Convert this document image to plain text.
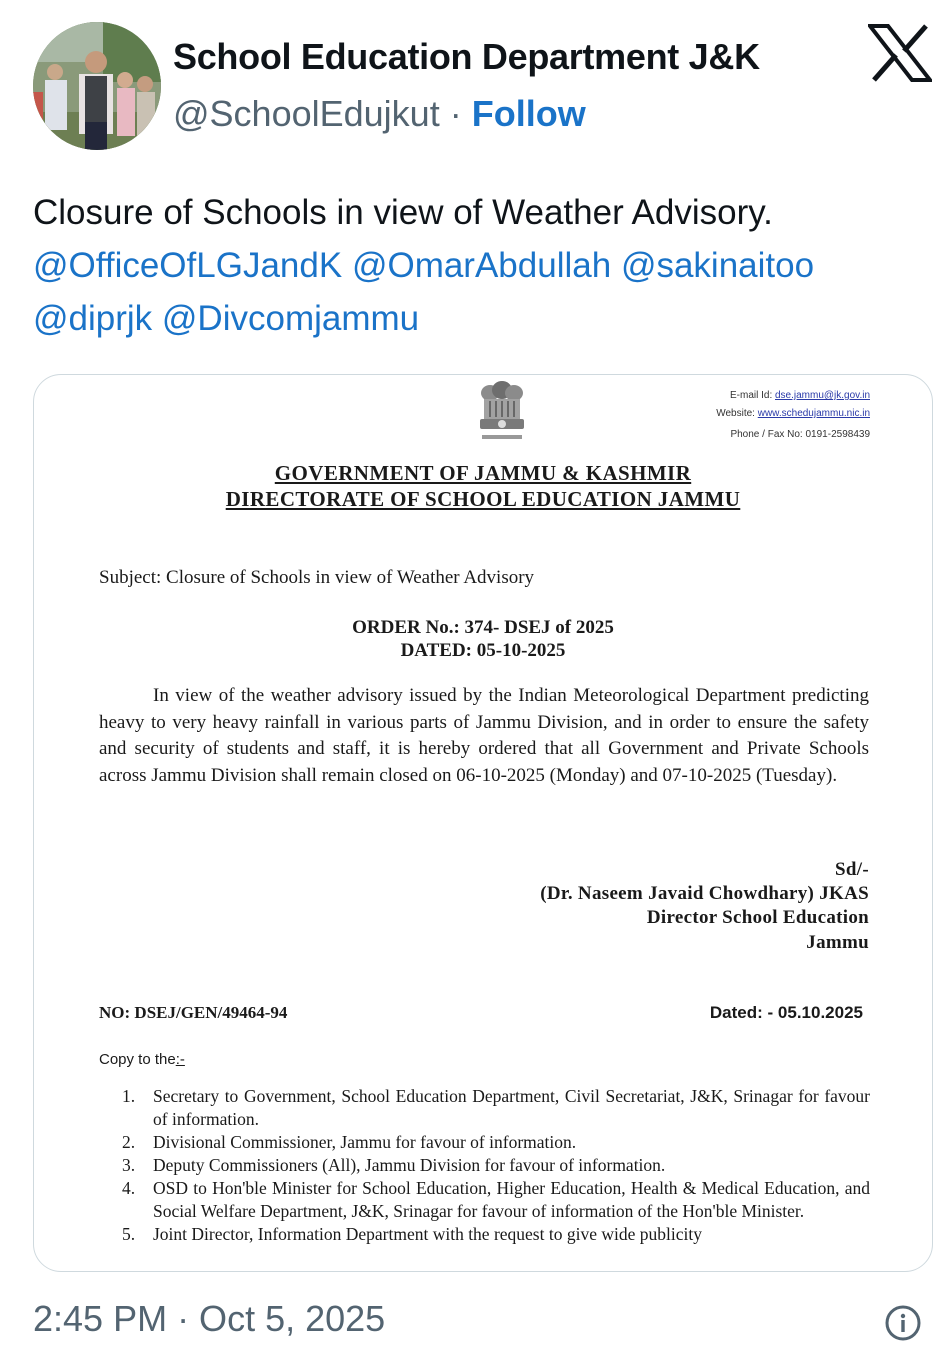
School Education Department J&K
@SchoolEdujkut · Follow
Closure of Schools in view of Weather Advisory.
@OfficeOfLGJandK @OmarAbdullah @sakinaitoo
@diprjk @Divcomjammu
E-mail Id: dse.jammu@jk.gov.in
Website: www.schedujammu.nic.in
Phone / Fax No: 0191-2598439
GOVERNMENT OF JAMMU & KASHMIR
DIRECTORATE OF SCHOOL EDUCATION JAMMU
Subject: Closure of Schools in view of Weather Advisory
ORDER No.: 374- DSEJ of 2025
DATED: 05-10-2025
In view of the weather advisory issued by the Indian Meteorological Department predicting heavy to very heavy rainfall in various parts of Jammu Division, and in order to ensure the safety and security of students and staff, it is hereby ordered that all Government and Private Schools across Jammu Division shall remain closed on 06-10-2025 (Monday) and 07-10-2025 (Tuesday).
Sd/-
(Dr. Naseem Javaid Chowdhary) JKAS
Director School Education
Jammu
NO: DSEJ/GEN/49464-94	Dated: - 05.10.2025
Copy to the:-
1.	Secretary to Government, School Education Department, Civil Secretariat, J&K, Srinagar for favour of information.
2.	Divisional Commissioner, Jammu for favour of information.
3.	Deputy Commissioners (All), Jammu Division for favour of information.
4.	OSD to Hon'ble Minister for School Education, Higher Education, Health & Medical Education, and Social Welfare Department, J&K, Srinagar for favour of information of the Hon'ble Minister.
5.	Joint Director, Information Department with the request to give wide publicity
2:45 PM · Oct 5, 2025
